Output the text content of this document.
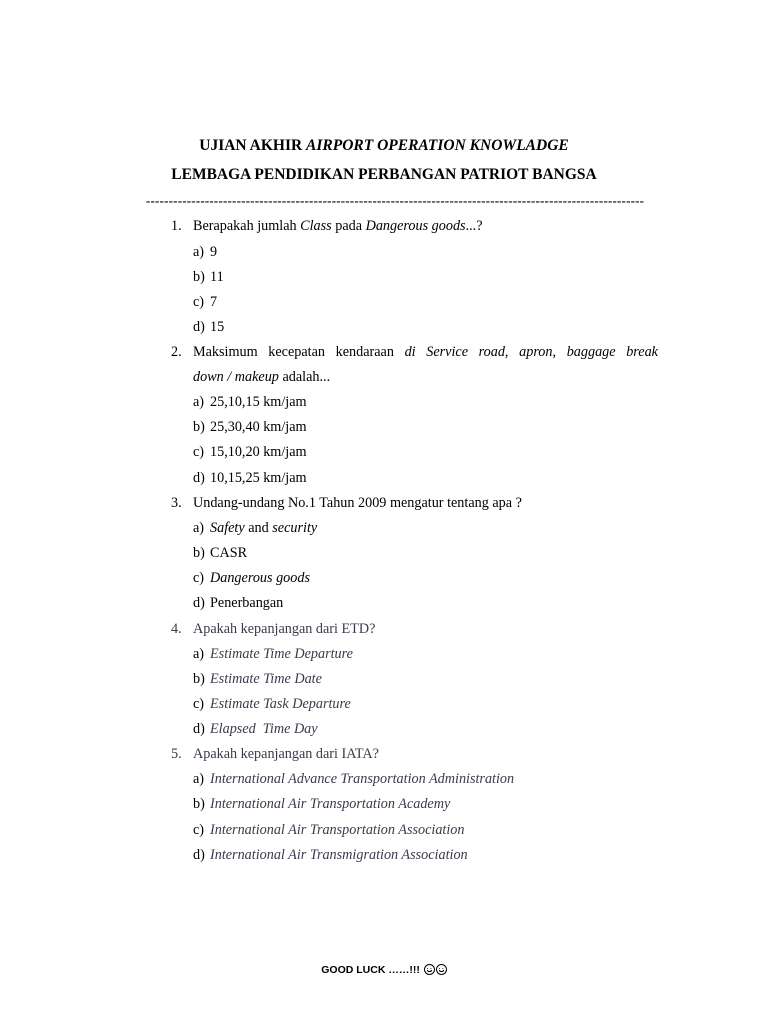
UJIAN AKHIR AIRPORT OPERATION KNOWLADGE
LEMBAGA PENDIDIKAN PERBANGAN PATRIOT BANGSA
--------------------------------------------------------------------------------------------------------------
1. Berapakah jumlah Class pada Dangerous goods...?
a) 9
b) 11
c) 7
d) 15
2. Maksimum kecepatan kendaraan di Service road, apron, baggage break
down / makeup adalah...
a) 25,10,15 km/jam
b) 25,30,40 km/jam
c) 15,10,20 km/jam
d) 10,15,25 km/jam
3. Undang-undang No.1 Tahun 2009 mengatur tentang apa ?
a) Safety and security
b) CASR
c) Dangerous goods
d) Penerbangan
4. Apakah kepanjangan dari ETD?
a) Estimate Time Departure
b) Estimate Time Date
c) Estimate Task Departure
d) Elapsed  Time Day
5. Apakah kepanjangan dari IATA?
a) International Advance Transportation Administration
b) International Air Transportation Academy
c) International Air Transportation Association
d) International Air Transmigration Association
GOOD LUCK ……!!!
